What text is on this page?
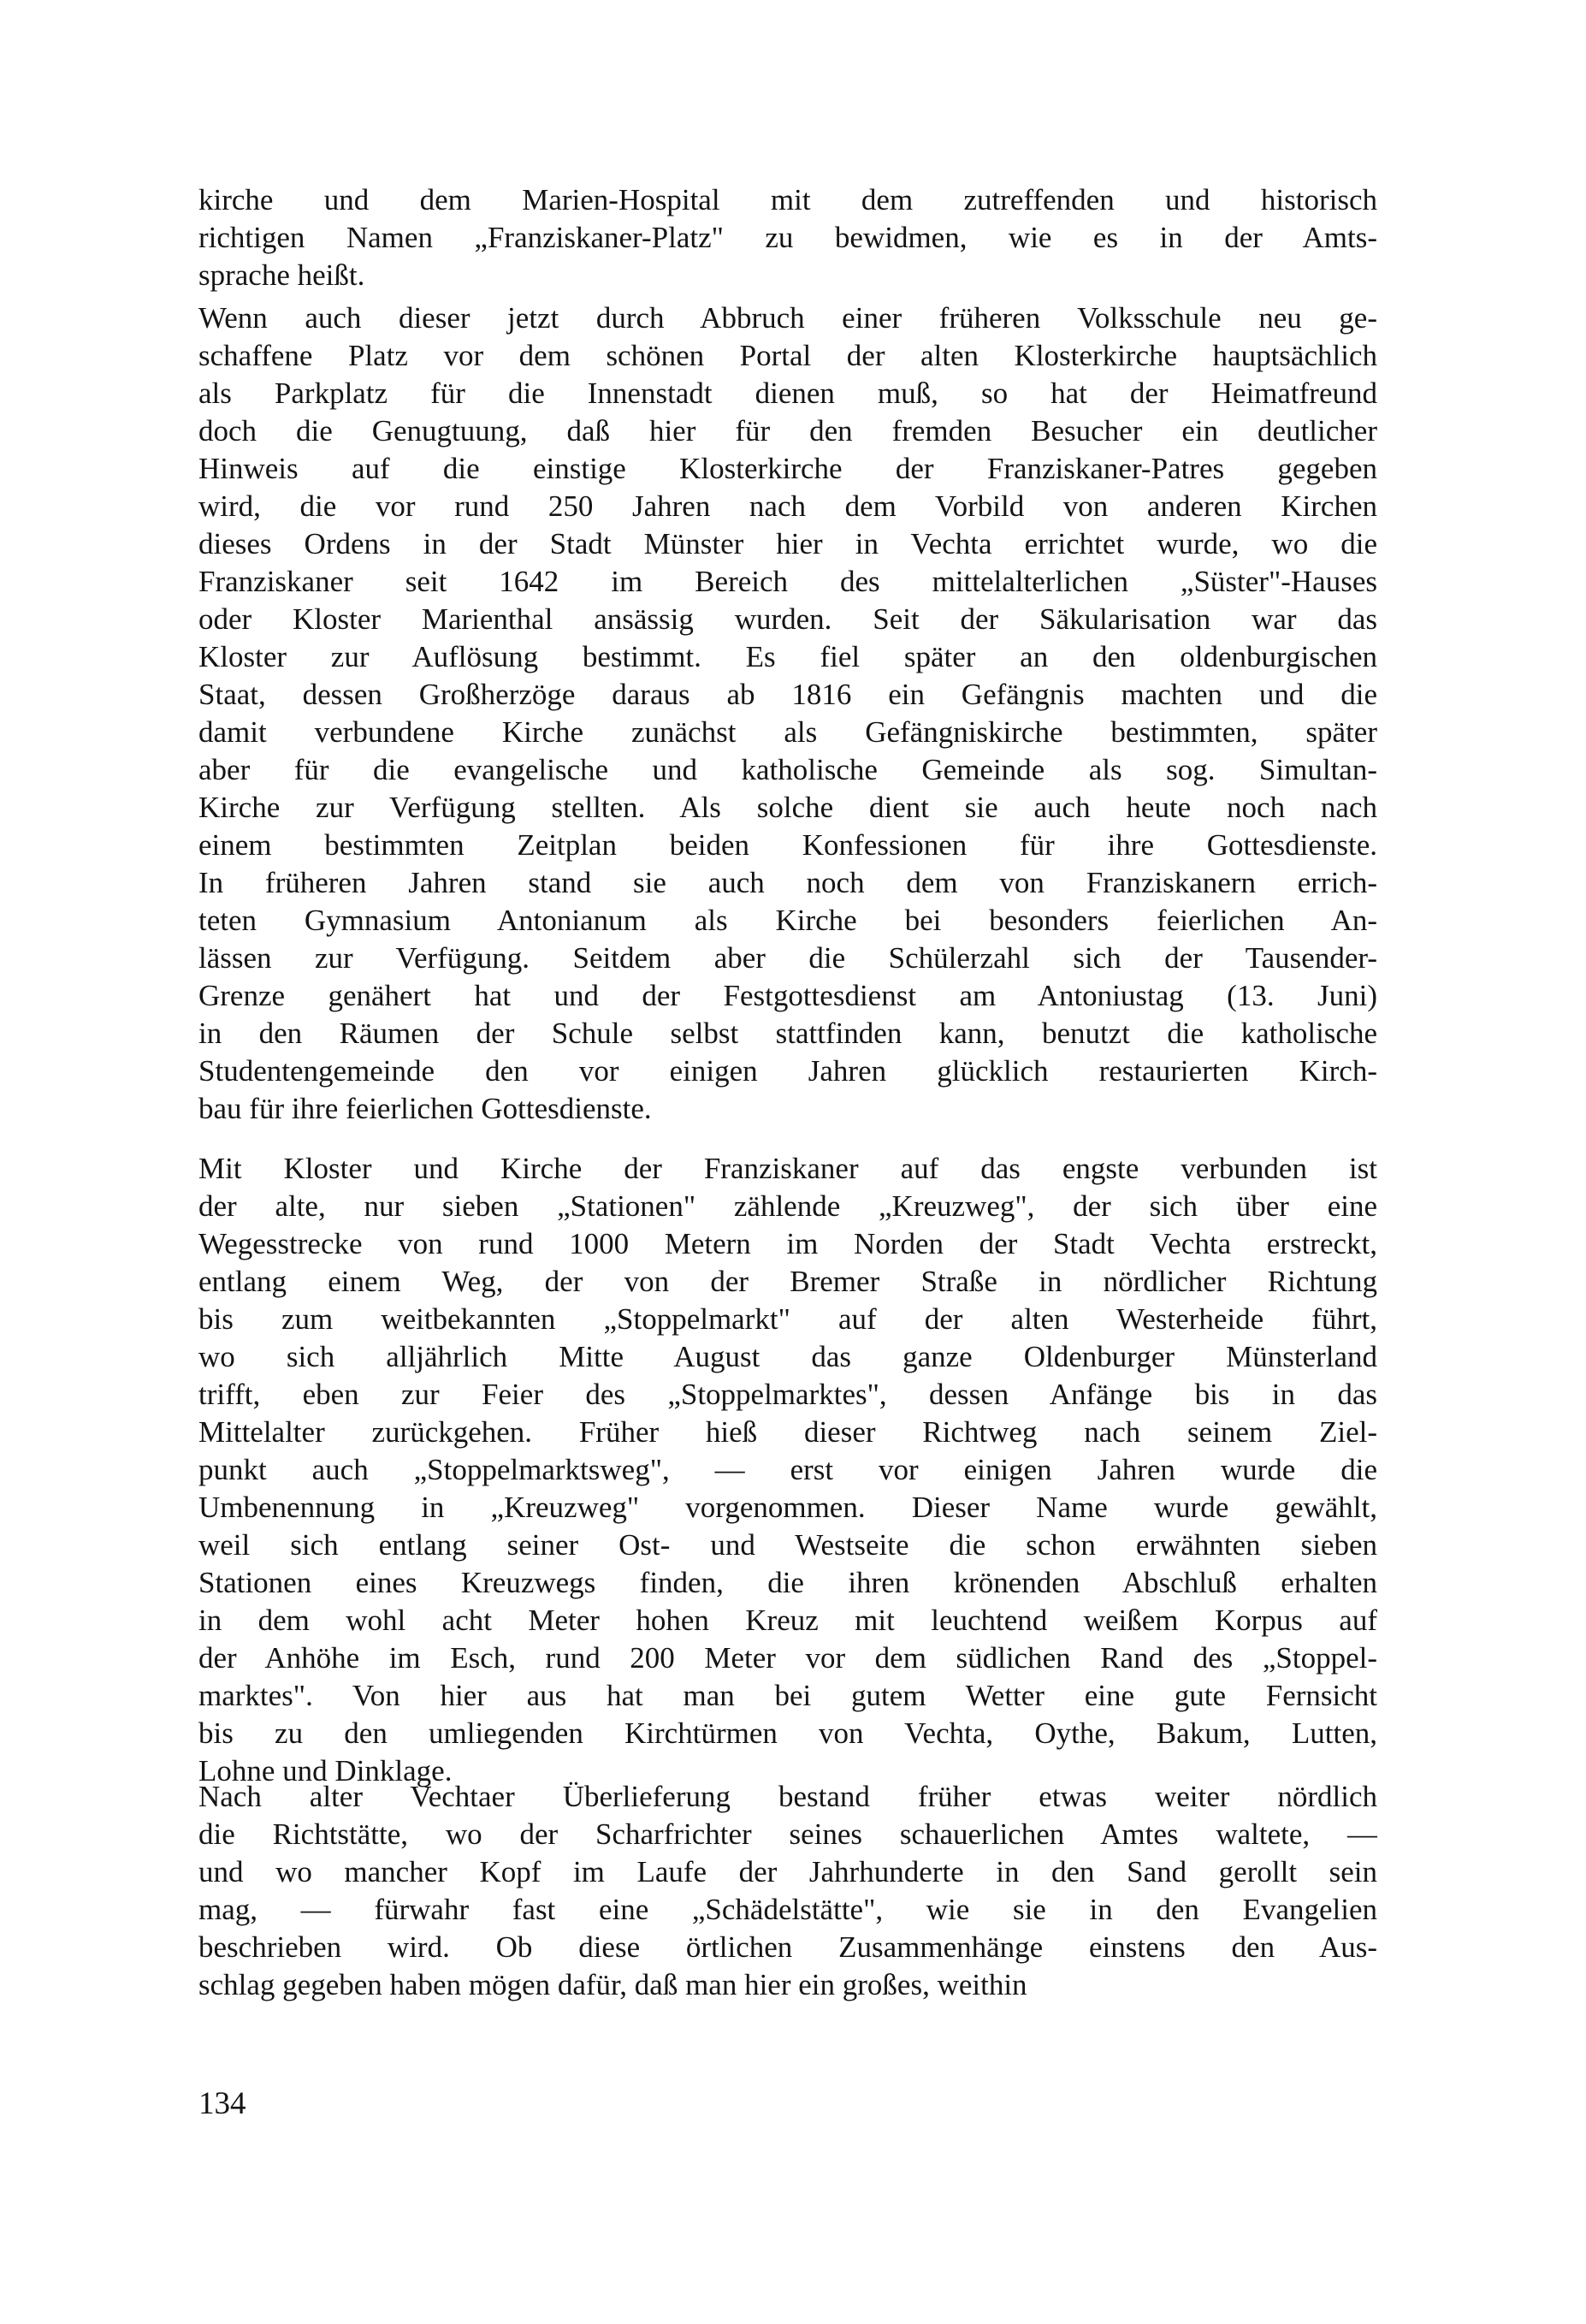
kirche und dem Marien-Hospital mit dem zutreffenden und historisch
richtigen Namen „Franziskaner-Platz" zu bewidmen, wie es in der Amts-
sprache heißt.
Wenn auch dieser jetzt durch Abbruch einer früheren Volksschule neu ge-
schaffene Platz vor dem schönen Portal der alten Klosterkirche hauptsächlich
als Parkplatz für die Innenstadt dienen muß, so hat der Heimatfreund
doch die Genugtuung, daß hier für den fremden Besucher ein deutlicher
Hinweis auf die einstige Klosterkirche der Franziskaner-Patres gegeben
wird, die vor rund 250 Jahren nach dem Vorbild von anderen Kirchen
dieses Ordens in der Stadt Münster hier in Vechta errichtet wurde, wo die
Franziskaner seit 1642 im Bereich des mittelalterlichen „Süster"-Hauses
oder Kloster Marienthal ansässig wurden. Seit der Säkularisation war das
Kloster zur Auflösung bestimmt. Es fiel später an den oldenburgischen
Staat, dessen Großherzöge daraus ab 1816 ein Gefängnis machten und die
damit verbundene Kirche zunächst als Gefängniskirche bestimmten, später
aber für die evangelische und katholische Gemeinde als sog. Simultan-
Kirche zur Verfügung stellten. Als solche dient sie auch heute noch nach
einem bestimmten Zeitplan beiden Konfessionen für ihre Gottesdienste.
In früheren Jahren stand sie auch noch dem von Franziskanern errich-
teten Gymnasium Antonianum als Kirche bei besonders feierlichen An-
lässen zur Verfügung. Seitdem aber die Schülerzahl sich der Tausender-
Grenze genähert hat und der Festgottesdienst am Antoniustag (13. Juni)
in den Räumen der Schule selbst stattfinden kann, benutzt die katholische
Studentengemeinde den vor einigen Jahren glücklich restaurierten Kirch-
bau für ihre feierlichen Gottesdienste.
Mit Kloster und Kirche der Franziskaner auf das engste verbunden ist
der alte, nur sieben „Stationen" zählende „Kreuzweg", der sich über eine
Wegesstrecke von rund 1000 Metern im Norden der Stadt Vechta erstreckt,
entlang einem Weg, der von der Bremer Straße in nördlicher Richtung
bis zum weitbekannten „Stoppelmarkt" auf der alten Westerheide führt,
wo sich alljährlich Mitte August das ganze Oldenburger Münsterland
trifft, eben zur Feier des „Stoppelmarktes", dessen Anfänge bis in das
Mittelalter zurückgehen. Früher hieß dieser Richtweg nach seinem Ziel-
punkt auch „Stoppelmarktsweg", — erst vor einigen Jahren wurde die
Umbenennung in „Kreuzweg" vorgenommen. Dieser Name wurde gewählt,
weil sich entlang seiner Ost- und Westseite die schon erwähnten sieben
Stationen eines Kreuzwegs finden, die ihren krönenden Abschluß erhalten
in dem wohl acht Meter hohen Kreuz mit leuchtend weißem Korpus auf
der Anhöhe im Esch, rund 200 Meter vor dem südlichen Rand des „Stoppel-
marktes". Von hier aus hat man bei gutem Wetter eine gute Fernsicht
bis zu den umliegenden Kirchtürmen von Vechta, Oythe, Bakum, Lutten,
Lohne und Dinklage.
Nach alter Vechtaer Überlieferung bestand früher etwas weiter nördlich
die Richtstätte, wo der Scharfrichter seines schauerlichen Amtes waltete, —
und wo mancher Kopf im Laufe der Jahrhunderte in den Sand gerollt sein
mag, — fürwahr fast eine „Schädelstätte", wie sie in den Evangelien
beschrieben wird. Ob diese örtlichen Zusammenhänge einstens den Aus-
schlag gegeben haben mögen dafür, daß man hier ein großes, weithin
134
